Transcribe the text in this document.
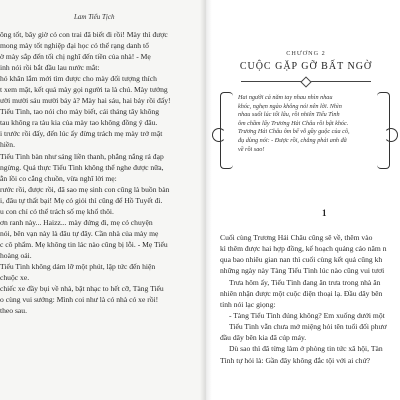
Lam Tiểu Tịch
ông tốt, bây giờ có con trai đã biết đi rồi! Mày thì được
mong mày tốt nghiệp đại học có thể rạng danh tổ
ờ mày sắp đến tối chị nghĩ đến tiền của nhà! - Mẹ
inh nói rồi bắt đầu lau nước mắt:
hó khăn lắm mới tìm được cho mày đối tượng thích
t xem mặt, kết quả mày gọi người ta là chú. Mày tưởng
ười mười sáu mười bảy à? Mày hai sáu, hai bảy rồi đấy!
Tiểu Tình, tao nói cho mày biết, cái tháng tây không
tau không ra tàu kia của mày tao không đồng ý đâu.
i trước rồi đấy, đến lúc ấy đừng trách mẹ mày trở mặt
hiền.
Tiểu Tình bàn như sáng liền thanh, phẳng nắng rá đạp
ngừng. Quả thực Tiểu Tình không thể nghe được nữa,
ẫn lồi co cẳng chuồn, vừa nghĩ lời mẹ:
rước rồi, được rồi, đã sao mẹ sinh con cũng là buồn bàn
i, đâu tự thất bại! Mẹ có giỏi thì cũng để Hồ Tuyết đi.
u con chỉ có thể trách số mẹ khổ thôi.
ơn ranh này... Haizz... mày đứng đi, mẹ có chuyện
nói, bên vạn này là đâu tự đây. Cần nhà của mày mẹ
c cô phẩm. Mẹ không tin lác nào cũng bị lỗi. - Mẹ Tiểu
hoàng oái.
Tiểu Tình không dám lỡ một phút, lập tức đến hiện
chuộc xe.
chiếc xe đầy bụi về nhà, bật nhạc to hết cỡ, Tàng Tiểu
o cùng vui sướng: Mình coi như là có nhà có xe rồi!
theo sau.
CHƯƠNG 2
CUỘC GẶP GỠ BẤT NGỜ
Hai người cả năm tay nhau nhìn nhau
khóc, nghẹn ngào không nói nên lời. Nhìn
nhau suốt lúc tối lâu, rồi nhiên Tiểu Tình
ôm chầm lấy Trương Hải Châu rồi bật khóc.
Trương Hải Châu ôm bế vỗ gầy guộc của cô,
đụ dùng nói: - Được rồi, chẳng phải anh đã
về rồi sao!
1
Cuối cùng Trương Hải Châu cũng sẽ về, thêm vào
kì thêm được hai hợp đồng, kế hoạch quảng cáo năm n
qua bao nhiêu gian nan thì cuối cùng kết quả cũng kh
những ngày này Tàng Tiểu Tình lúc nào cũng vui tươi
Trưa hôm ấy, Tiểu Tình đang ăn trưa trong nhà ăn
nhiên nhận được một cuộc điện thoại lạ. Đầu dây bên
tỉnh nói lạc giọng:
- Tàng Tiểu Tình đúng không? Em xuống dưới một
Tiểu Tình vẫn chưa mở miệng hỏi tên tuổi đối phươ
đầu dây bên kia đã cúp máy.
Dù sao thì đã từng làm ở phòng tin tức xã hội, Tàn
Tình tự hỏi là: Gần đây không đắc tội với ai chứ?
